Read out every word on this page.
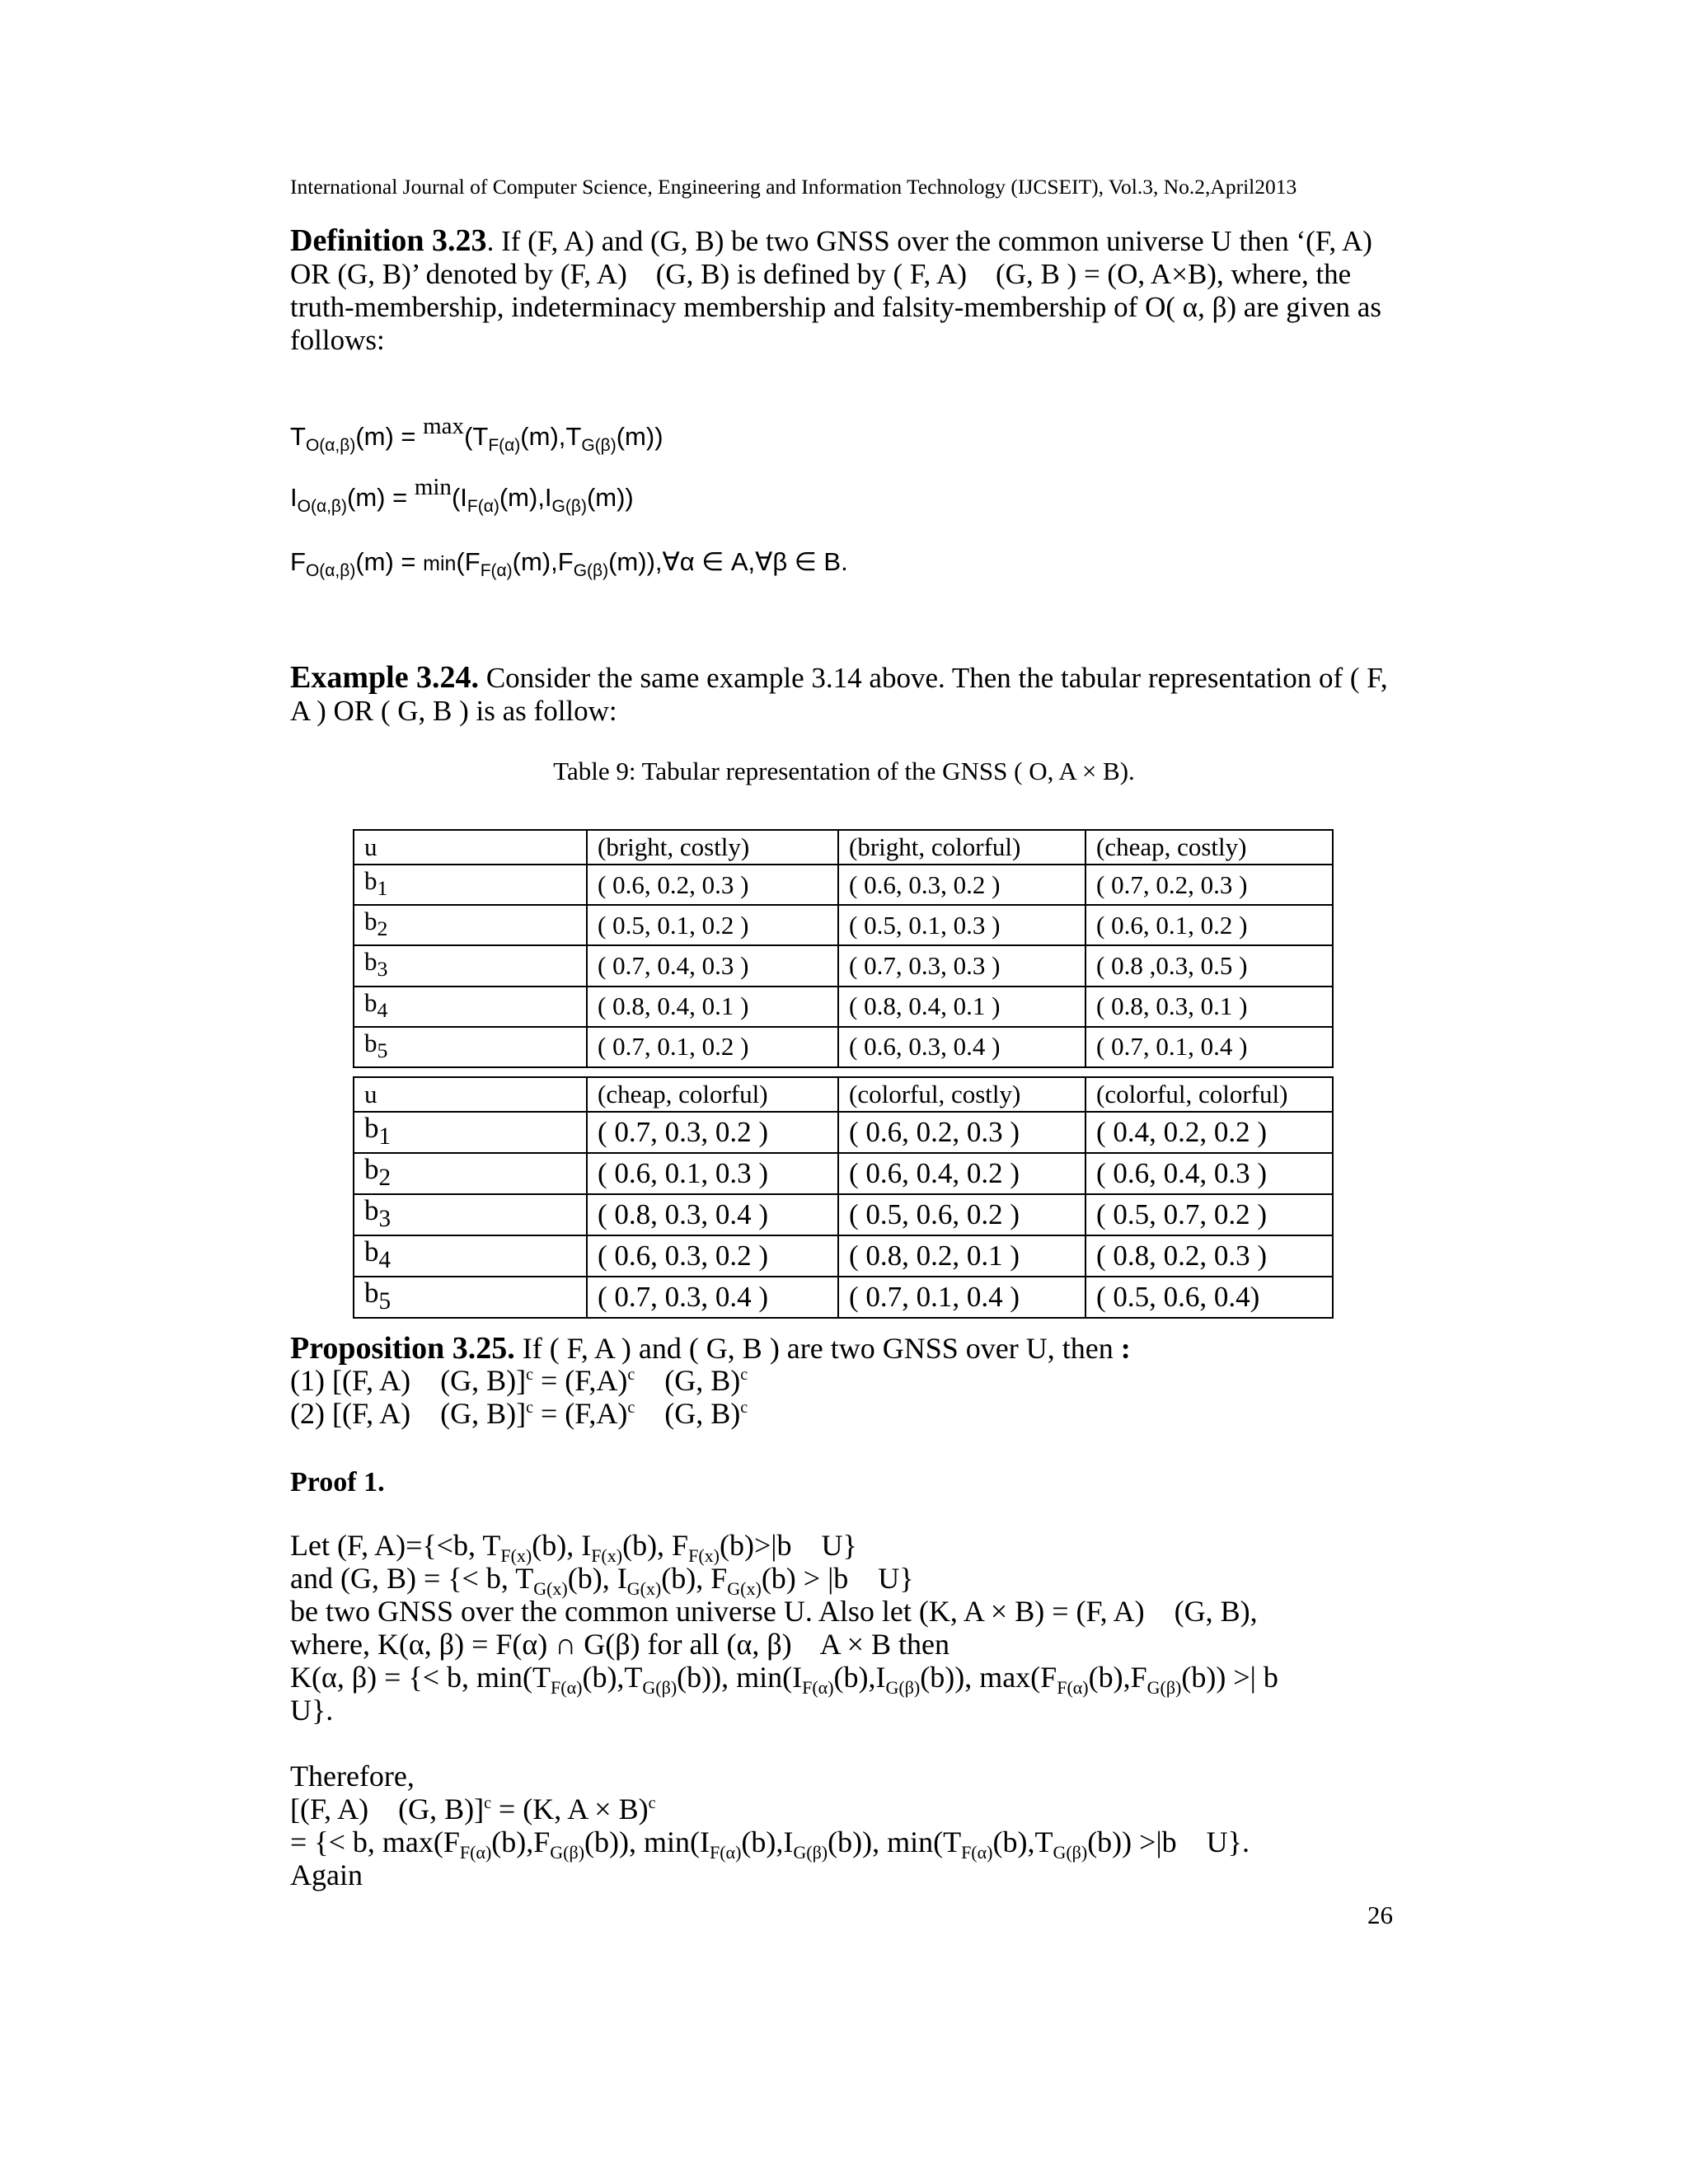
International Journal of Computer Science, Engineering and Information Technology (IJCSEIT), Vol.3, No.2,April2013
Definition 3.23. If (F, A) and (G, B) be two GNSS over the common universe U then ‘(F, A)
OR (G, B)’ denoted by (F, A)    (G, B) is defined by ( F, A)    (G, B ) = (O, A×B), where, the
truth-membership, indeterminacy membership and falsity-membership of O( α, β) are given as
follows:
$T_{O(\alpha,\beta)}(m) = \max(T_{F(\alpha)}(m),T_{G(\beta)}(m))$
$I_{O(\alpha,\beta)}(m) = \min(I_{F(\alpha)}(m),I_{G(\beta)}(m))$
$F_{O(\alpha,\beta)}(m)$ = $\min(F_{F(\alpha)}(m),F_{G(\beta)}(m)),\forall\alpha$ ∈ A,∀β ∈ B.
Example 3.24. Consider the same example 3.14 above. Then the tabular representation of ( F,
A ) OR ( G, B ) is as follow:
Table 9: Tabular representation of the GNSS ( O, A × B).
u	(bright, costly)	(bright, colorful)	(cheap, costly)
$b_1$	( 0.6, 0.2, 0.3 )	( 0.6, 0.3, 0.2 )	( 0.7, 0.2, 0.3 )
$b_2$	( 0.5, 0.1, 0.2 )	( 0.5, 0.1, 0.3 )	( 0.6, 0.1, 0.2 )
$b_3$	( 0.7, 0.4, 0.3 )	( 0.7, 0.3, 0.3 )	( 0.8 ,0.3, 0.5 )
$b_4$	( 0.8, 0.4, 0.1 )	( 0.8, 0.4, 0.1 )	( 0.8, 0.3, 0.1 )
$b_5$	( 0.7, 0.1, 0.2 )	( 0.6, 0.3, 0.4 )	( 0.7, 0.1, 0.4 )
u	(cheap, colorful)	(colorful, costly)	(colorful, colorful)
$b_1$	( 0.7, 0.3, 0.2 )	( 0.6, 0.2, 0.3 )	( 0.4, 0.2, 0.2 )
$b_2$	( 0.6, 0.1, 0.3 )	( 0.6, 0.4, 0.2 )	( 0.6, 0.4, 0.3 )
$b_3$	( 0.8, 0.3, 0.4 )	( 0.5, 0.6, 0.2 )	( 0.5, 0.7, 0.2 )
$b_4$	( 0.6, 0.3, 0.2 )	( 0.8, 0.2, 0.1 )	( 0.8, 0.2, 0.3 )
$b_5$	( 0.7, 0.3, 0.4 )	( 0.7, 0.1, 0.4 )	( 0.5, 0.6, 0.4)
Proposition 3.25. If ( F, A ) and ( G, B ) are two GNSS over U, then :
(1) [(F, A)    (G, $B)]^c = (F,A)^c$    (G, B)$^c$
(2) [(F, A)    (G, $B)]^c = (F,A)^c$    (G, B)$^c$
Proof 1.
Let (F, A)={<b, $T_{F(x)}(b)$, $I_{F(x)}(b)$, $F_{F(x)}(b)>|b$    U}
and (G, B) = {< b, $T_{G(x)}(b)$, $I_{G(x)}(b)$, $F_{G(x)}(b) > |b$    U}
be two GNSS over the common universe U. Also let (K, A × B) = (F, A)    (G, B),
where, K(α, β) = F(α) ∩ G(β) for all (α, β)    A × B then
K(α, β) = {< b, $\min(T_{F(\alpha)}(b),T_{G(\beta)}(b))$, $\min(I_{F(\alpha)}(b),I_{G(\beta)}(b))$, $\max(F_{F(\alpha)}(b),F_{G(\beta)}(b))$ >| b
U}.
Therefore,
[(F, A)    (G, B)]$^c$ = (K, A × B)$^c$
= {< b, $\max(F_{F(\alpha)}(b),F_{G(\beta)}(b))$, $\min(I_{F(\alpha)}(b),I_{G(\beta)}(b))$, $\min(T_{F(\alpha)}(b),T_{G(\beta)}(b)) >|b$    U}.
Again
26
